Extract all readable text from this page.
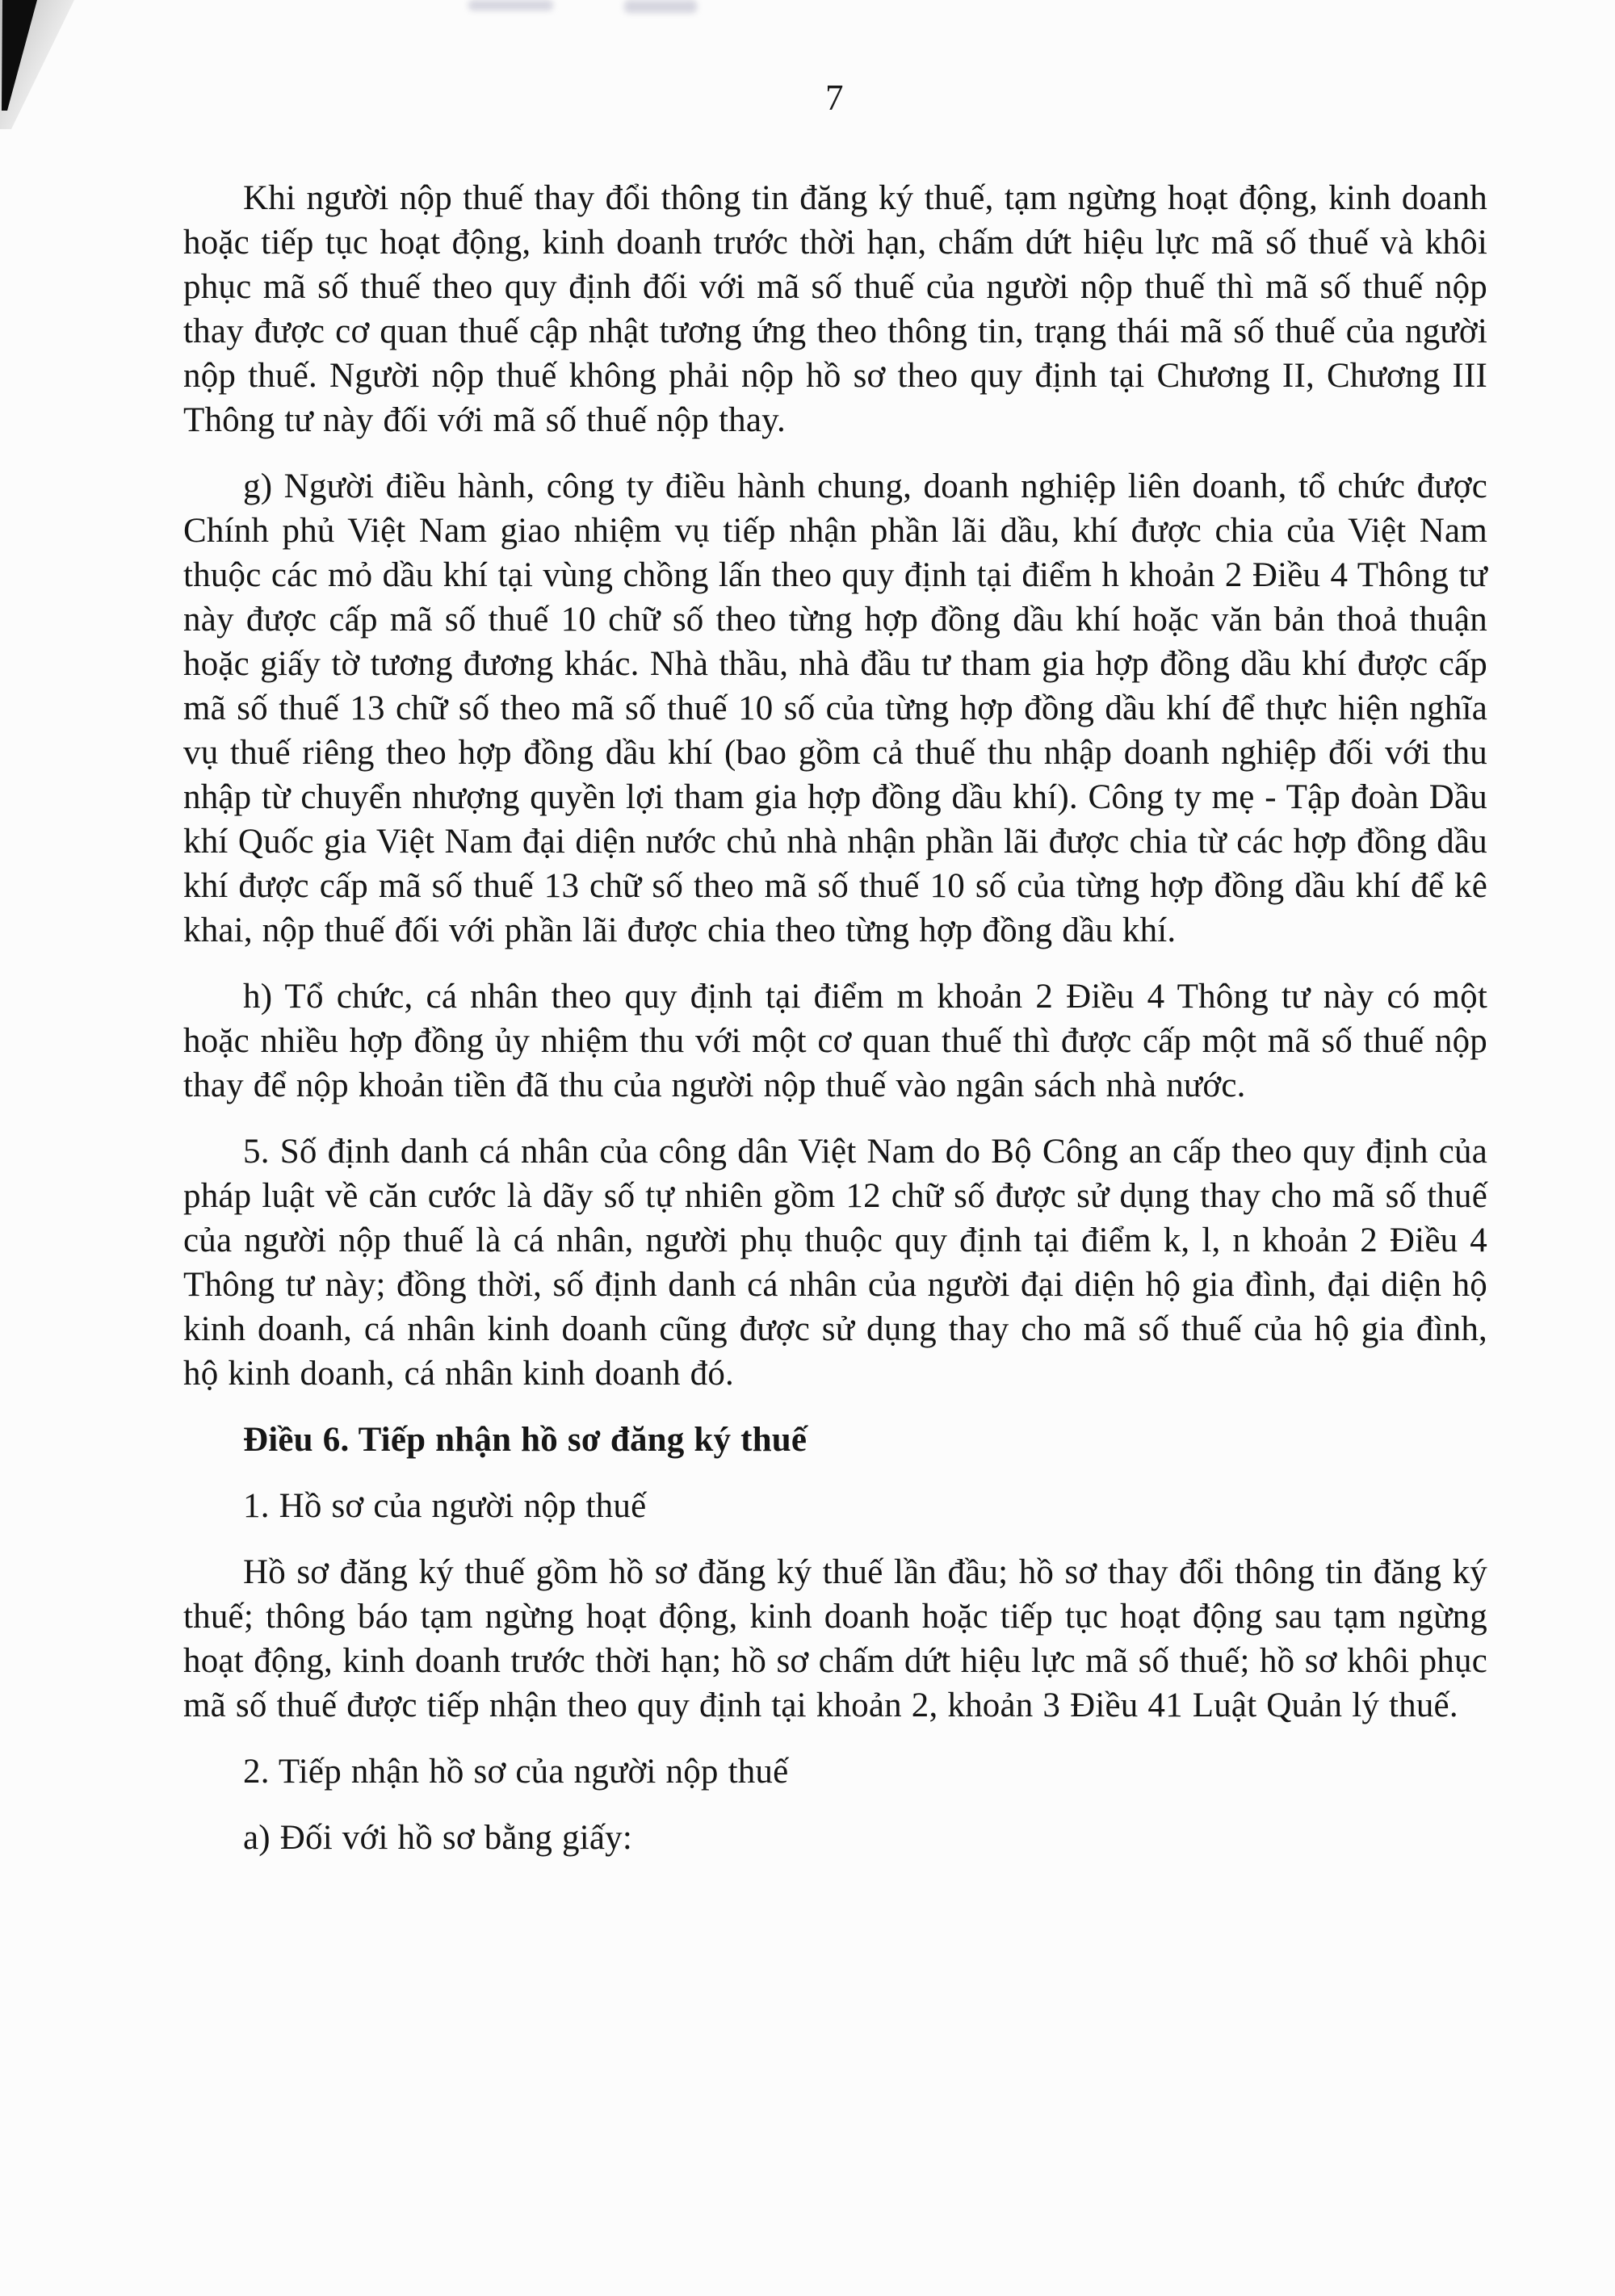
7

Khi người nộp thuế thay đổi thông tin đăng ký thuế, tạm ngừng hoạt động, kinh doanh hoặc tiếp tục hoạt động, kinh doanh trước thời hạn, chấm dứt hiệu lực mã số thuế và khôi phục mã số thuế theo quy định đối với mã số thuế của người nộp thuế thì mã số thuế nộp thay được cơ quan thuế cập nhật tương ứng theo thông tin, trạng thái mã số thuế của người nộp thuế. Người nộp thuế không phải nộp hồ sơ theo quy định tại Chương II, Chương III Thông tư này đối với mã số thuế nộp thay.

g) Người điều hành, công ty điều hành chung, doanh nghiệp liên doanh, tổ chức được Chính phủ Việt Nam giao nhiệm vụ tiếp nhận phần lãi dầu, khí được chia của Việt Nam thuộc các mỏ dầu khí tại vùng chồng lấn theo quy định tại điểm h khoản 2 Điều 4 Thông tư này được cấp mã số thuế 10 chữ số theo từng hợp đồng dầu khí hoặc văn bản thoả thuận hoặc giấy tờ tương đương khác. Nhà thầu, nhà đầu tư tham gia hợp đồng dầu khí được cấp mã số thuế 13 chữ số theo mã số thuế 10 số của từng hợp đồng dầu khí để thực hiện nghĩa vụ thuế riêng theo hợp đồng dầu khí (bao gồm cả thuế thu nhập doanh nghiệp đối với thu nhập từ chuyển nhượng quyền lợi tham gia hợp đồng dầu khí). Công ty mẹ - Tập đoàn Dầu khí Quốc gia Việt Nam đại diện nước chủ nhà nhận phần lãi được chia từ các hợp đồng dầu khí được cấp mã số thuế 13 chữ số theo mã số thuế 10 số của từng hợp đồng dầu khí để kê khai, nộp thuế đối với phần lãi được chia theo từng hợp đồng dầu khí.

h) Tổ chức, cá nhân theo quy định tại điểm m khoản 2 Điều 4 Thông tư này có một hoặc nhiều hợp đồng ủy nhiệm thu với một cơ quan thuế thì được cấp một mã số thuế nộp thay để nộp khoản tiền đã thu của người nộp thuế vào ngân sách nhà nước.

5. Số định danh cá nhân của công dân Việt Nam do Bộ Công an cấp theo quy định của pháp luật về căn cước là dãy số tự nhiên gồm 12 chữ số được sử dụng thay cho mã số thuế của người nộp thuế là cá nhân, người phụ thuộc quy định tại điểm k, l, n khoản 2 Điều 4 Thông tư này; đồng thời, số định danh cá nhân của người đại diện hộ gia đình, đại diện hộ kinh doanh, cá nhân kinh doanh cũng được sử dụng thay cho mã số thuế của hộ gia đình, hộ kinh doanh, cá nhân kinh doanh đó.

Điều 6. Tiếp nhận hồ sơ đăng ký thuế

1. Hồ sơ của người nộp thuế

Hồ sơ đăng ký thuế gồm hồ sơ đăng ký thuế lần đầu; hồ sơ thay đổi thông tin đăng ký thuế; thông báo tạm ngừng hoạt động, kinh doanh hoặc tiếp tục hoạt động sau tạm ngừng hoạt động, kinh doanh trước thời hạn; hồ sơ chấm dứt hiệu lực mã số thuế; hồ sơ khôi phục mã số thuế được tiếp nhận theo quy định tại khoản 2, khoản 3 Điều 41 Luật Quản lý thuế.

2. Tiếp nhận hồ sơ của người nộp thuế

a) Đối với hồ sơ bằng giấy:
